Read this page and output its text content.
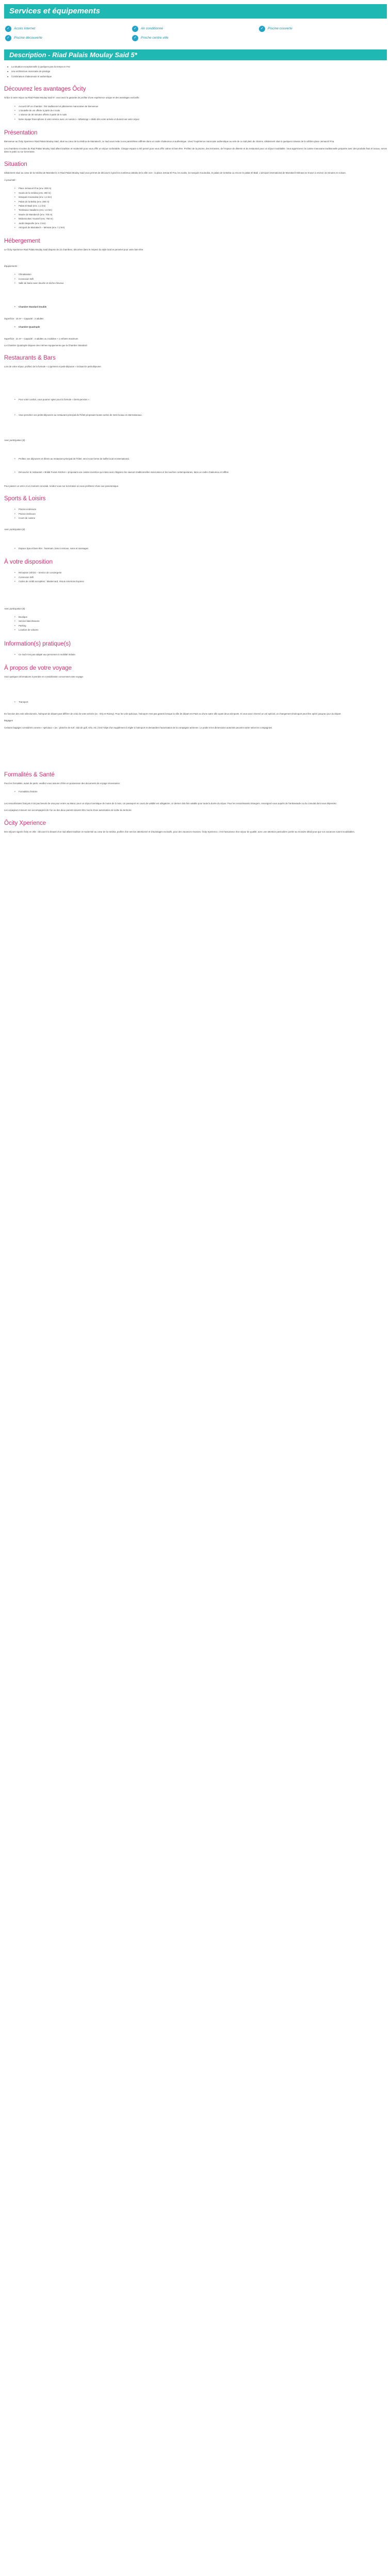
Services et équipements
✓	Accès internet	✓	Air conditionné	✓	Piscine couverte
✓	Piscine découverte	✓	Proche centre ville
Description - Riad Palais Moulay Said 5*
■ La situation exceptionnelle à quelques pas du temps en Fez
■ Une architecture marocaine de prestige
■ Combinaison chaleureuse et authentique
Découvrez les avantages Ôcity

Grâce à notre séjour au Riad Palais Moulay Said 5*, vous avez la garantie de profiter d'une expérience unique et des avantages exclusifs :

• Accueil VIP en chambre : thé traditionnel et pâtisseries marocaines de bienvenue
• 1 bouteille de vin offerte à partir de 4 nuits
• 1 séance de 30 minutes offerte à partir de 6 nuits
• Notre équipe francophone à votre service avec un numéro « WhatsApp » dédié dès votre arrivée et durant tout votre séjour
Présentation

Bienvenue au Ôcity Xperience Riad Palais Moulay Said, situé au cœur de la médina de Marrakech, ce riad vous invite à une parenthèse raffinée dans un cadre chaleureux et authentique. Vivez l'expérience marocaine authentique au sein de ce riad plein de charme, idéalement situé à quelques minutes de la célèbre place Jemaa El Fna.

Les chambres et suites du Riad Palais Moulay Said allient tradition et modernité pour vous offrir un séjour confortable. Chaque espace a été pensé pour vous offrir calme et bien-être. Profitez de la piscine, des terrasses, de l'espace de détente et du restaurant pour un séjour inoubliable. Vous apprécierez la cuisine marocaine traditionnelle préparée avec des produits frais et locaux, servie dans le patio ou sur la terrasse.

Situation

Idéalement situé au cœur de la médina de Marrakech, le Riad Palais Moulay Said vous permet de découvrir à pied les nombreux attraits de la ville ocre : la place Jemaa El Fna, les souks, la mosquée Koutoubia, le palais de la Bahia ou encore le palais El Badi. L'aéroport international de Marrakech-Ménara se trouve à environ 15 minutes en voiture.

À proximité :

• Place Jemaa el-Fna (env. 200 m)
• Souks de la médina (env. 300 m)
• Mosquée Koutoubia (env. 1,4 km)
• Palais de la Bahia (env. 280 m)
• Palais El Badi (env. 1,1 km)
• Tombeaux Saadiens (env. 1,6 km)
• Musée de Marrakech (env. 700 m)
• Médersa Ben Youssef (env. 750 m)
• Jardin Majorelle (env. 3 km)
• Aéroport de Marrakech – Ménara (env. 7,2 km)
Hébergement

Le Ôcity Xperience Riad Palais Moulay Said dispose de 22 chambres, décorées dans le respect du style local et pensées pour votre bien-être.

Équipements :

• Climatisation
• Connexion Wifi
• Salle de bains avec douche et sèche-cheveux
• Chambre Standard Double

Superficie : 15 m² – Capacité : 2 adultes

• Chambre Quadruple

Superficie : 21 m² – Capacité : 4 adultes ou 3 adultes + 1 enfants maximum

La Chambre Quadruple dispose des mêmes équipements que la Chambre Standard.

Restaurants & Bars

Lors de votre séjour, profitez de la formule « Logement et petit-déjeuner » incluant le petit-déjeuner.

• Pour votre confort, vous pourrez opter pour la formule « Demi-pension » :
• Vous prendrez vos petits-déjeuners au restaurant principal de l'hôtel proposant toutes sortes de mets locaux et internationaux.

Avec participation (€) :

• Profitez vos déjeuners et dîners au restaurant principal de l'hôtel, servi sous forme de buffet local et international.
• Découvrez le restaurant « Bridal Fusion Kitchen » proposant une cuisine inventive qui marie avec élégance les saveurs traditionnelles marocaines et les touches contemporaines, dans un cadre chaleureux et raffiné.

Pour passer un verre et un moment convivial, rendez-vous sur la terrasse où vous profiterez d'une vue panoramique.

Sports & Loisirs
• Piscine extérieure
• Piscine intérieure
• Cours de cuisine

Avec participation (€) :

• Espace Spa et bien-être : hammam, bain à remous, soins et massages
À votre disposition
• Réception 24h/24 – Service de conciergerie
• Connexion Wifi
• Cartes de crédit acceptées : Mastercard, Visa & American Express

Avec participation (€) :

• Boutique
• Service blanchisserie
• Parking
• Location de voitures
Information(s) pratique(s)
• Ce riad n'est pas adapté aux personnes à mobilité réduite.
À propos de votre voyage

Voici quelques informations à prendre en considération concernant votre voyage.

• Transport

En fonction des vols sélectionnés, l'aéroport de départ peut différer de celui de votre arrivée (ex : Orly et Roissy). Pour les vols spéciaux, l'aéroport n'est pas garanti lorsque la ville de départ est Paris ou d'une autre ville ayant deux aéroports. Si vous avez réservé un vol spécial, un changement d'aéroport peut être opéré jusqu'au jour du départ.

Bagages

Certains bagages considérés comme « spéciaux » (ex : planche de surf, club de golf, vélo, etc.) font l'objet d'un supplément à régler à l'aéroport et demandent l'autorisation de la compagnie aérienne. Le poids et les dimensions autorisés peuvent varier selon les compagnies.

Formalités & Santé

Pour les formalités, avant de partir, veuillez-vous assurer d'être en possession des documents de voyage nécessaires :

• Formalités d'entrée

Les ressortissants français n'ont pas besoin de visa pour entrer au Maroc pour un séjour touristique de moins de 3 mois. Un passeport en cours de validité est obligatoire, ce dernier doit être valable pour toute la durée du séjour. Pour les ressortissants étrangers, renseignez-vous auprès de l'ambassade ou du consulat dont vous dépendez.

Les voyageurs mineurs non accompagnés de l'un ou des deux parents doivent être munis d'une autorisation de sortie du territoire.

Ôcity Xperience

Des séjours signés Ôcity en ville : découvrir la beauté d'un riad alliant tradition et modernité au cœur de la médina, profiter d'un service attentionné et d'avantages exclusifs, pour des vacances réussies. Ôcity Xperience, c'est l'assurance d'un séjour de qualité, avec une attention particulière portée au moindre détail pour que vos vacances soient inoubliables.
